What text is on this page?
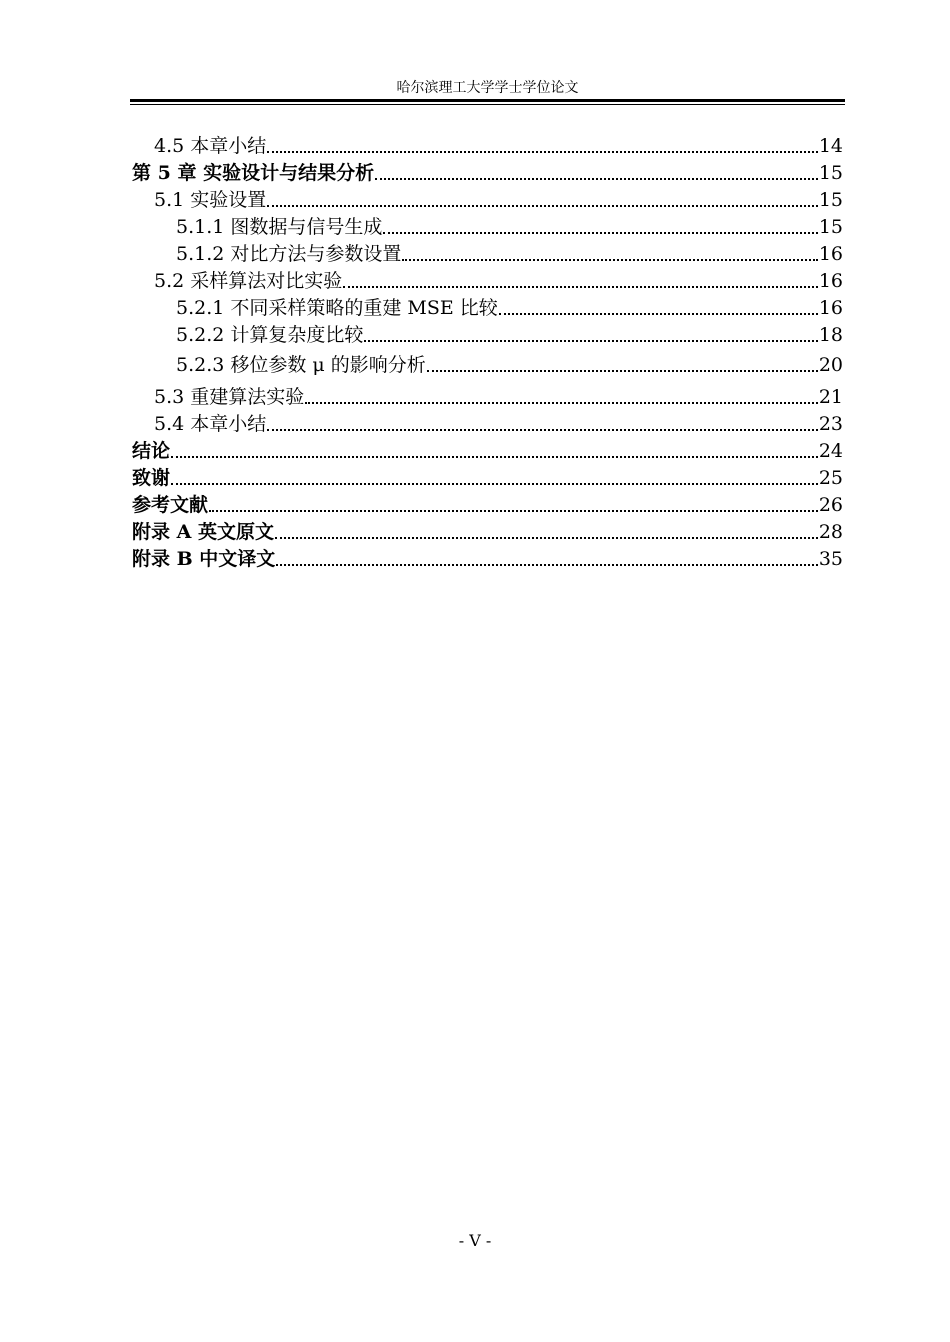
哈尔滨理工大学学士学位论文
4.5 本章小结	14
第 5 章 实验设计与结果分析	15
5.1 实验设置	15
5.1.1 图数据与信号生成	15
5.1.2 对比方法与参数设置	16
5.2 采样算法对比实验	16
5.2.1 不同采样策略的重建 MSE 比较	16
5.2.2 计算复杂度比较	18
5.2.3 移位参数 μ 的影响分析	20
5.3 重建算法实验	21
5.4 本章小结	23
结论	24
致谢	25
参考文献	26
附录 A 英文原文	28
附录 B 中文译文	35
- V -
